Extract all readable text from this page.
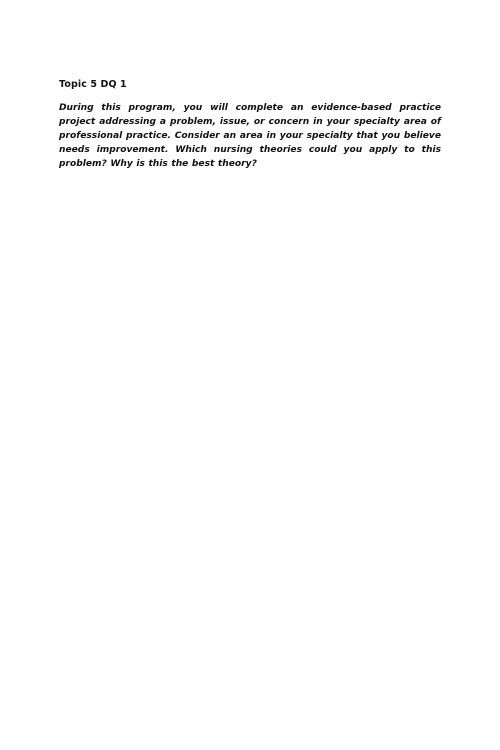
Topic 5 DQ 1

During this program, you will complete an evidence-based practice project addressing a problem, issue, or concern in your specialty area of professional practice. Consider an area in your specialty that you believe needs improvement. Which nursing theories could you apply to this problem? Why is this the best theory?
